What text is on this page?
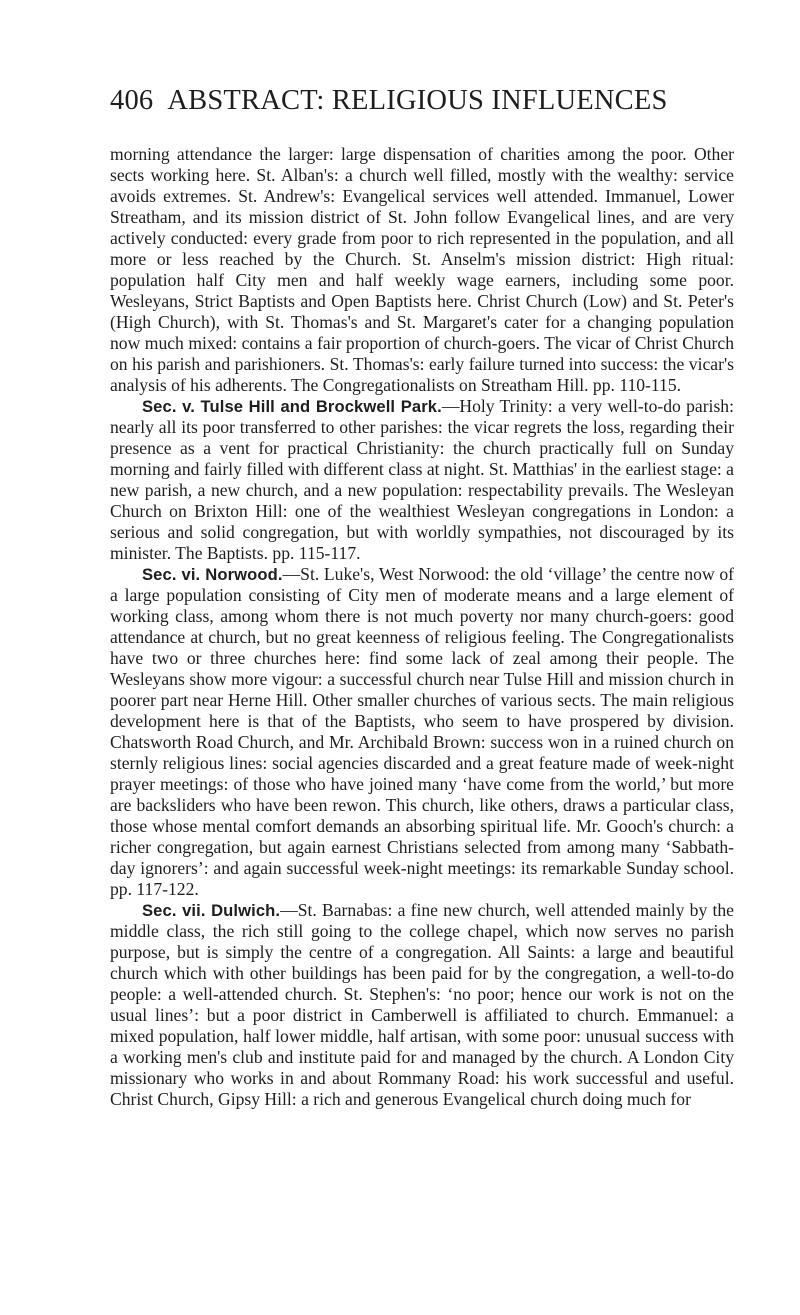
406 ABSTRACT: RELIGIOUS INFLUENCES

morning attendance the larger: large dispensation of charities among the poor. Other sects working here. St. Alban's: a church well filled, mostly with the wealthy: service avoids extremes. St. Andrew's: Evangelical services well attended. Immanuel, Lower Streatham, and its mission district of St. John follow Evangelical lines, and are very actively conducted: every grade from poor to rich represented in the population, and all more or less reached by the Church. St. Anselm's mission district: High ritual: population half City men and half weekly wage earners, including some poor. Wesleyans, Strict Baptists and Open Baptists here. Christ Church (Low) and St. Peter's (High Church), with St. Thomas's and St. Margaret's cater for a changing population now much mixed: contains a fair proportion of church-goers. The vicar of Christ Church on his parish and parishioners. St. Thomas's: early failure turned into success: the vicar's analysis of his adherents. The Congregationalists on Streatham Hill. pp. 110-115.

Sec. v. Tulse Hill and Brockwell Park.—Holy Trinity: a very well-to-do parish: nearly all its poor transferred to other parishes: the vicar regrets the loss, regarding their presence as a vent for practical Christianity: the church practically full on Sunday morning and fairly filled with different class at night. St. Matthias' in the earliest stage: a new parish, a new church, and a new population: respectability prevails. The Wesleyan Church on Brixton Hill: one of the wealthiest Wesleyan congregations in London: a serious and solid congregation, but with worldly sympathies, not discouraged by its minister. The Baptists. pp. 115-117.

Sec. vi. Norwood.—St. Luke's, West Norwood: the old ‘village’ the centre now of a large population consisting of City men of moderate means and a large element of working class, among whom there is not much poverty nor many church-goers: good attendance at church, but no great keenness of religious feeling. The Congregationalists have two or three churches here: find some lack of zeal among their people. The Wesleyans show more vigour: a successful church near Tulse Hill and mission church in poorer part near Herne Hill. Other smaller churches of various sects. The main religious development here is that of the Baptists, who seem to have prospered by division. Chatsworth Road Church, and Mr. Archibald Brown: success won in a ruined church on sternly religious lines: social agencies discarded and a great feature made of week-night prayer meetings: of those who have joined many ‘have come from the world,’ but more are backsliders who have been rewon. This church, like others, draws a particular class, those whose mental comfort demands an absorbing spiritual life. Mr. Gooch's church: a richer congregation, but again earnest Christians selected from among many ‘Sabbath-day ignorers’: and again successful week-night meetings: its remarkable Sunday school. pp. 117-122.

Sec. vii. Dulwich.—St. Barnabas: a fine new church, well attended mainly by the middle class, the rich still going to the college chapel, which now serves no parish purpose, but is simply the centre of a congregation. All Saints: a large and beautiful church which with other buildings has been paid for by the congregation, a well-to-do people: a well-attended church. St. Stephen's: ‘no poor; hence our work is not on the usual lines’: but a poor district in Camberwell is affiliated to church. Emmanuel: a mixed population, half lower middle, half artisan, with some poor: unusual success with a working men's club and institute paid for and managed by the church. A London City missionary who works in and about Rommany Road: his work successful and useful. Christ Church, Gipsy Hill: a rich and generous Evangelical church doing much for
